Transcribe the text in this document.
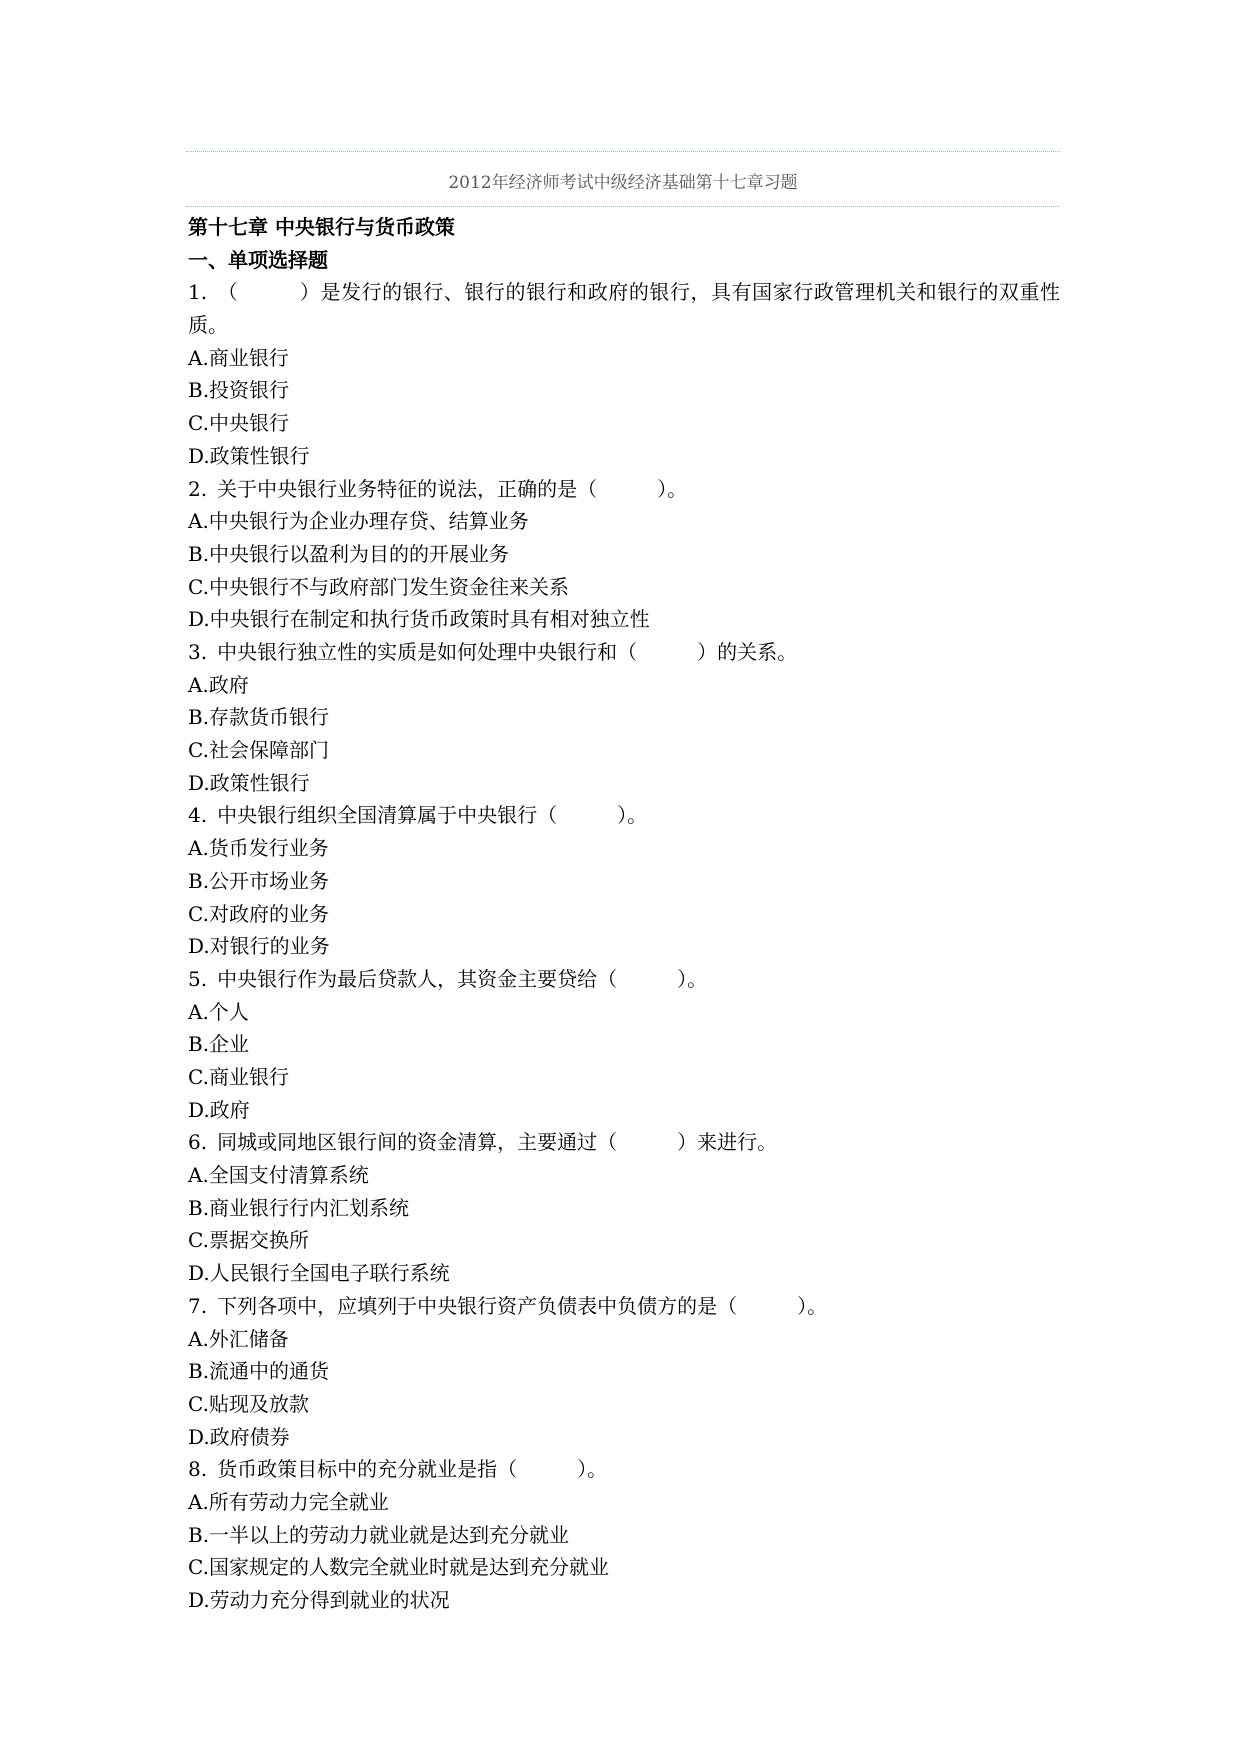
2012年经济师考试中级经济基础第十七章习题
第十七章 中央银行与货币政策
一、单项选择题
1. （　　　）是发行的银行、银行的银行和政府的银行，具有国家行政管理机关和银行的双重性质。
A.商业银行
B.投资银行
C.中央银行
D.政策性银行
2. 关于中央银行业务特征的说法，正确的是（　　　）。
A.中央银行为企业办理存贷、结算业务
B.中央银行以盈利为目的的开展业务
C.中央银行不与政府部门发生资金往来关系
D.中央银行在制定和执行货币政策时具有相对独立性
3. 中央银行独立性的实质是如何处理中央银行和（　　　）的关系。
A.政府
B.存款货币银行
C.社会保障部门
D.政策性银行
4. 中央银行组织全国清算属于中央银行（　　　）。
A.货币发行业务
B.公开市场业务
C.对政府的业务
D.对银行的业务
5. 中央银行作为最后贷款人，其资金主要贷给（　　　）。
A.个人
B.企业
C.商业银行
D.政府
6. 同城或同地区银行间的资金清算，主要通过（　　　）来进行。
A.全国支付清算系统
B.商业银行行内汇划系统
C.票据交换所
D.人民银行全国电子联行系统
7. 下列各项中，应填列于中央银行资产负债表中负债方的是（　　　）。
A.外汇储备
B.流通中的通货
C.贴现及放款
D.政府债券
8. 货币政策目标中的充分就业是指（　　　）。
A.所有劳动力完全就业
B.一半以上的劳动力就业就是达到充分就业
C.国家规定的人数完全就业时就是达到充分就业
D.劳动力充分得到就业的状况
